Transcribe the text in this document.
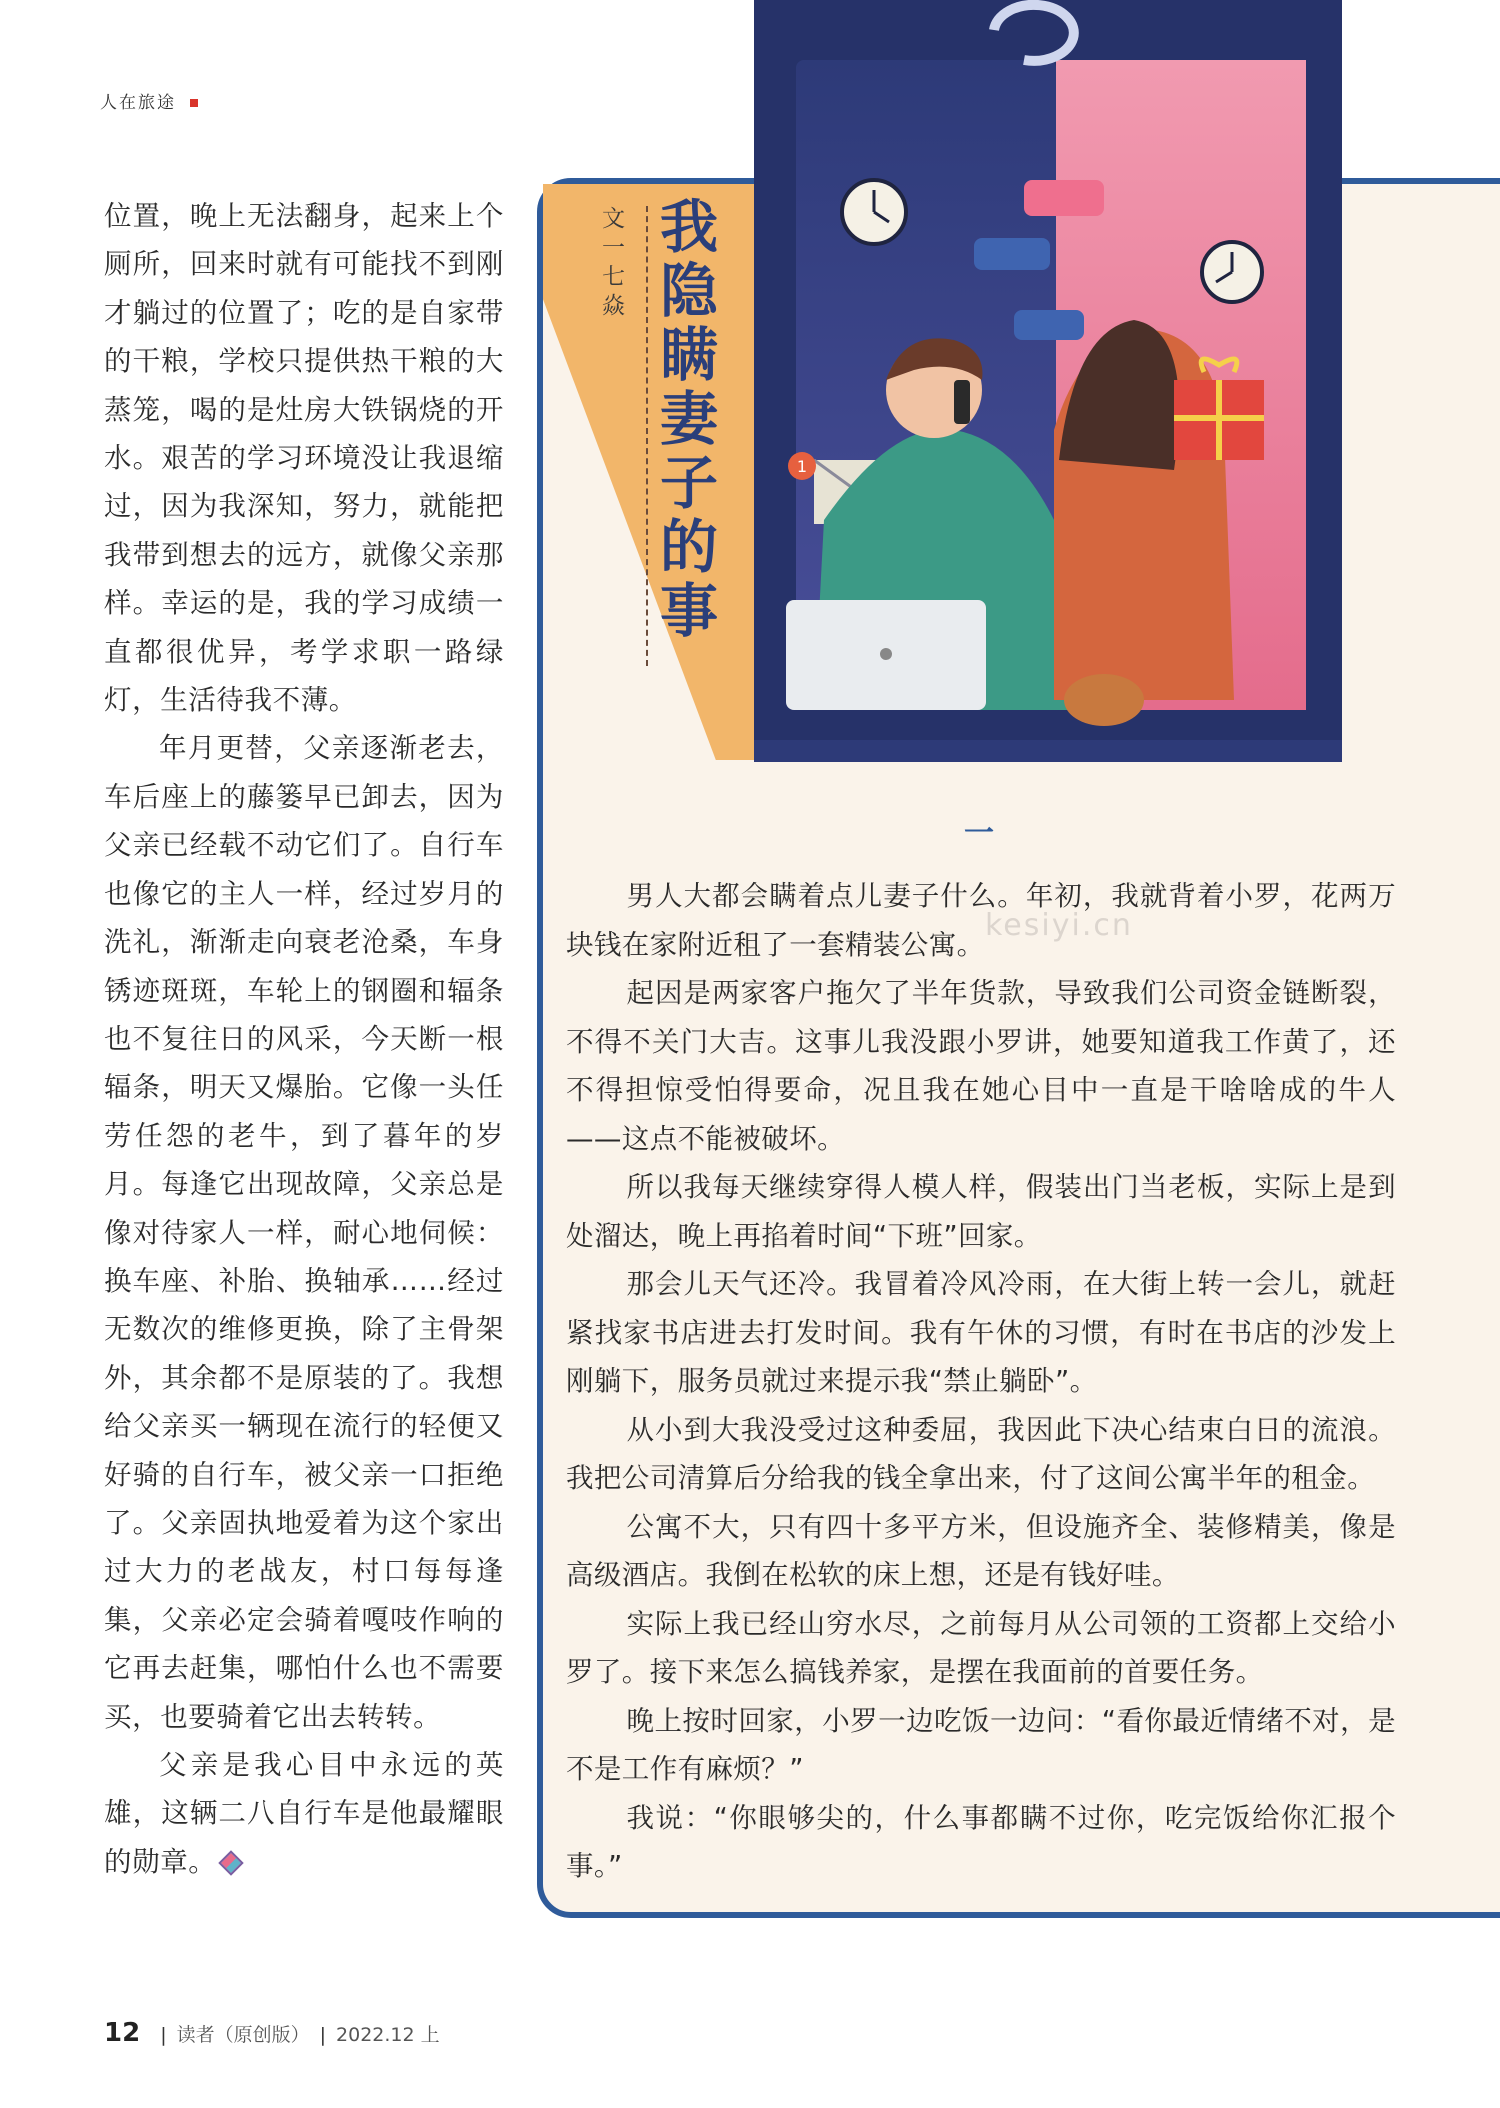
人在旅途

位置，晚上无法翻身，起来上个厕所，回来时就有可能找不到刚才躺过的位置了；吃的是自家带的干粮，学校只提供热干粮的大蒸笼，喝的是灶房大铁锅烧的开水。艰苦的学习环境没让我退缩过，因为我深知，努力，就能把我带到想去的远方，就像父亲那样。幸运的是，我的学习成绩一直都很优异，考学求职一路绿灯，生活待我不薄。

年月更替，父亲逐渐老去，车后座上的藤篓早已卸去，因为父亲已经载不动它们了。自行车也像它的主人一样，经过岁月的洗礼，渐渐走向衰老沧桑，车身锈迹斑斑，车轮上的钢圈和辐条也不复往日的风采，今天断一根辐条，明天又爆胎。它像一头任劳任怨的老牛，到了暮年的岁月。每逢它出现故障，父亲总是像对待家人一样，耐心地伺候：换车座、补胎、换轴承……经过无数次的维修更换，除了主骨架外，其余都不是原装的了。我想给父亲买一辆现在流行的轻便又好骑的自行车，被父亲一口拒绝了。父亲固执地爱着为这个家出过大力的老战友，村口每每逢集，父亲必定会骑着嘎吱作响的它再去赶集，哪怕什么也不需要买，也要骑着它出去转转。

父亲是我心目中永远的英雄，这辆二八自行车是他最耀眼的勋章。

文一七焱 我隐瞒妻子的事	1
一

男人大都会瞒着点儿妻子什么。年初，我就背着小罗，花两万块钱在家附近租了一套精装公寓。

起因是两家客户拖欠了半年货款，导致我们公司资金链断裂，不得不关门大吉。这事儿我没跟小罗讲，她要知道我工作黄了，还不得担惊受怕得要命，况且我在她心目中一直是干啥啥成的牛人——这点不能被破坏。

所以我每天继续穿得人模人样，假装出门当老板，实际上是到处溜达，晚上再掐着时间“下班”回家。

那会儿天气还冷。我冒着冷风冷雨，在大街上转一会儿，就赶紧找家书店进去打发时间。我有午休的习惯，有时在书店的沙发上刚躺下，服务员就过来提示我“禁止躺卧”。

从小到大我没受过这种委屈，我因此下决心结束白日的流浪。我把公司清算后分给我的钱全拿出来，付了这间公寓半年的租金。

公寓不大，只有四十多平方米，但设施齐全、装修精美，像是高级酒店。我倒在松软的床上想，还是有钱好哇。

实际上我已经山穷水尽，之前每月从公司领的工资都上交给小罗了。接下来怎么搞钱养家，是摆在我面前的首要任务。

晚上按时回家，小罗一边吃饭一边问：“看你最近情绪不对，是不是工作有麻烦？”

我说：“你眼够尖的，什么事都瞒不过你，吃完饭给你汇报个事。”

kesiyi.cn
12 | 读者（原创版） | 2022.12 上
